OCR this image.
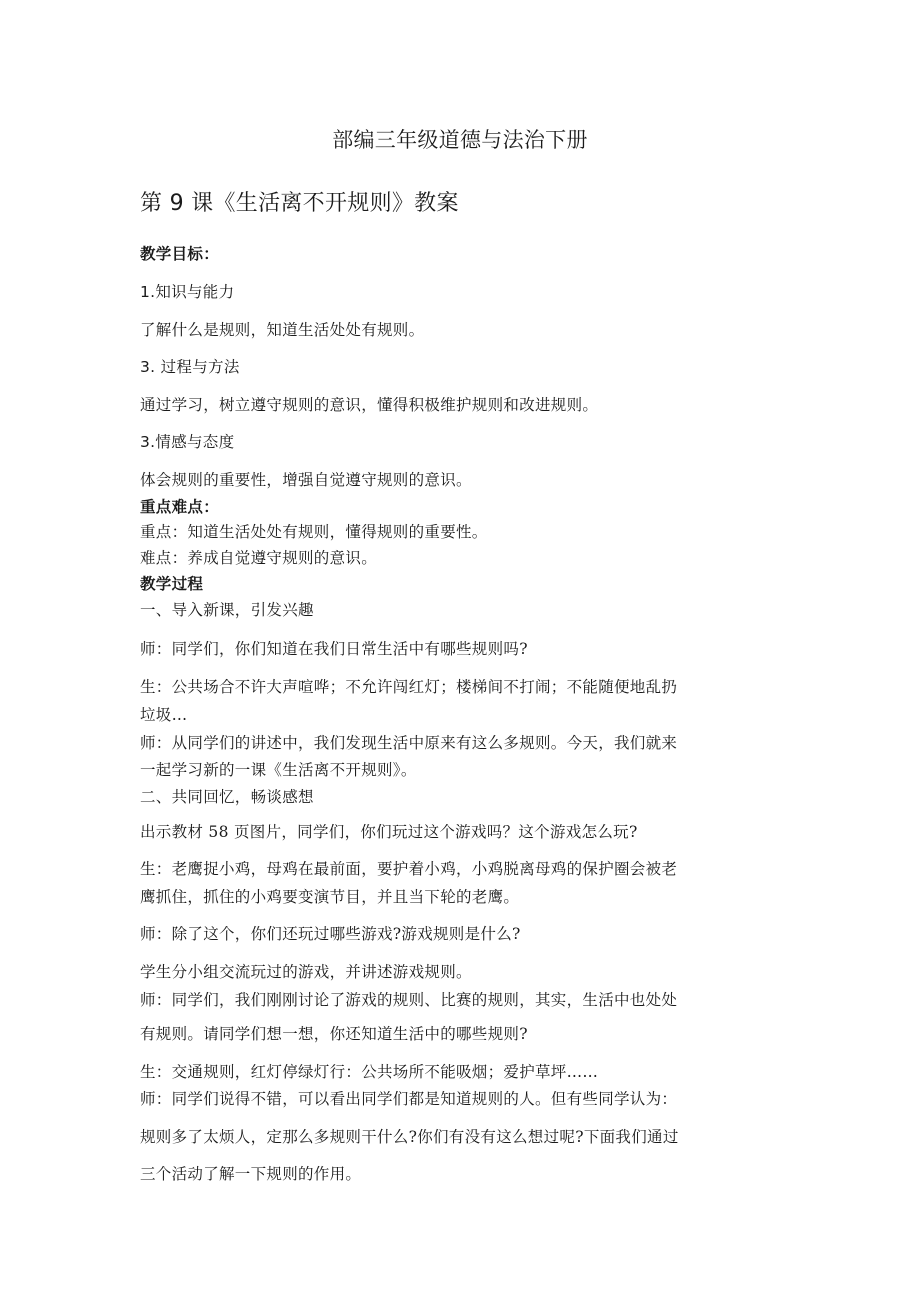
部编三年级道德与法治下册
第 9 课《生活离不开规则》教案
教学目标：
1.知识与能力
了解什么是规则，知道生活处处有规则。
3. 过程与方法
通过学习，树立遵守规则的意识，懂得积极维护规则和改进规则。
3.情感与态度
体会规则的重要性，增强自觉遵守规则的意识。
重点难点：
重点：知道生活处处有规则，懂得规则的重要性。
难点：养成自觉遵守规则的意识。
教学过程
一、导入新课，引发兴趣
师：同学们，你们知道在我们日常生活中有哪些规则吗?
生：公共场合不许大声喧哗；不允许闯红灯；楼梯间不打闹；不能随便地乱扔
垃圾…
师：从同学们的讲述中，我们发现生活中原来有这么多规则。今天，我们就来
一起学习新的一课《生活离不开规则》。
二、共同回忆，畅谈感想
出示教材 58 页图片，同学们，你们玩过这个游戏吗？这个游戏怎么玩?
生：老鹰捉小鸡，母鸡在最前面，要护着小鸡，小鸡脱离母鸡的保护圈会被老
鹰抓住，抓住的小鸡要变演节目，并且当下轮的老鹰。
师：除了这个，你们还玩过哪些游戏?游戏规则是什么?
学生分小组交流玩过的游戏，并讲述游戏规则。
师：同学们，我们刚刚讨论了游戏的规则、比赛的规则，其实，生活中也处处
有规则。请同学们想一想，你还知道生活中的哪些规则?
生：交通规则，红灯停绿灯行：公共场所不能吸烟；爱护草坪……
师：同学们说得不错，可以看出同学们都是知道规则的人。但有些同学认为：
规则多了太烦人，定那么多规则干什么?你们有没有这么想过呢?下面我们通过
三个活动了解一下规则的作用。
